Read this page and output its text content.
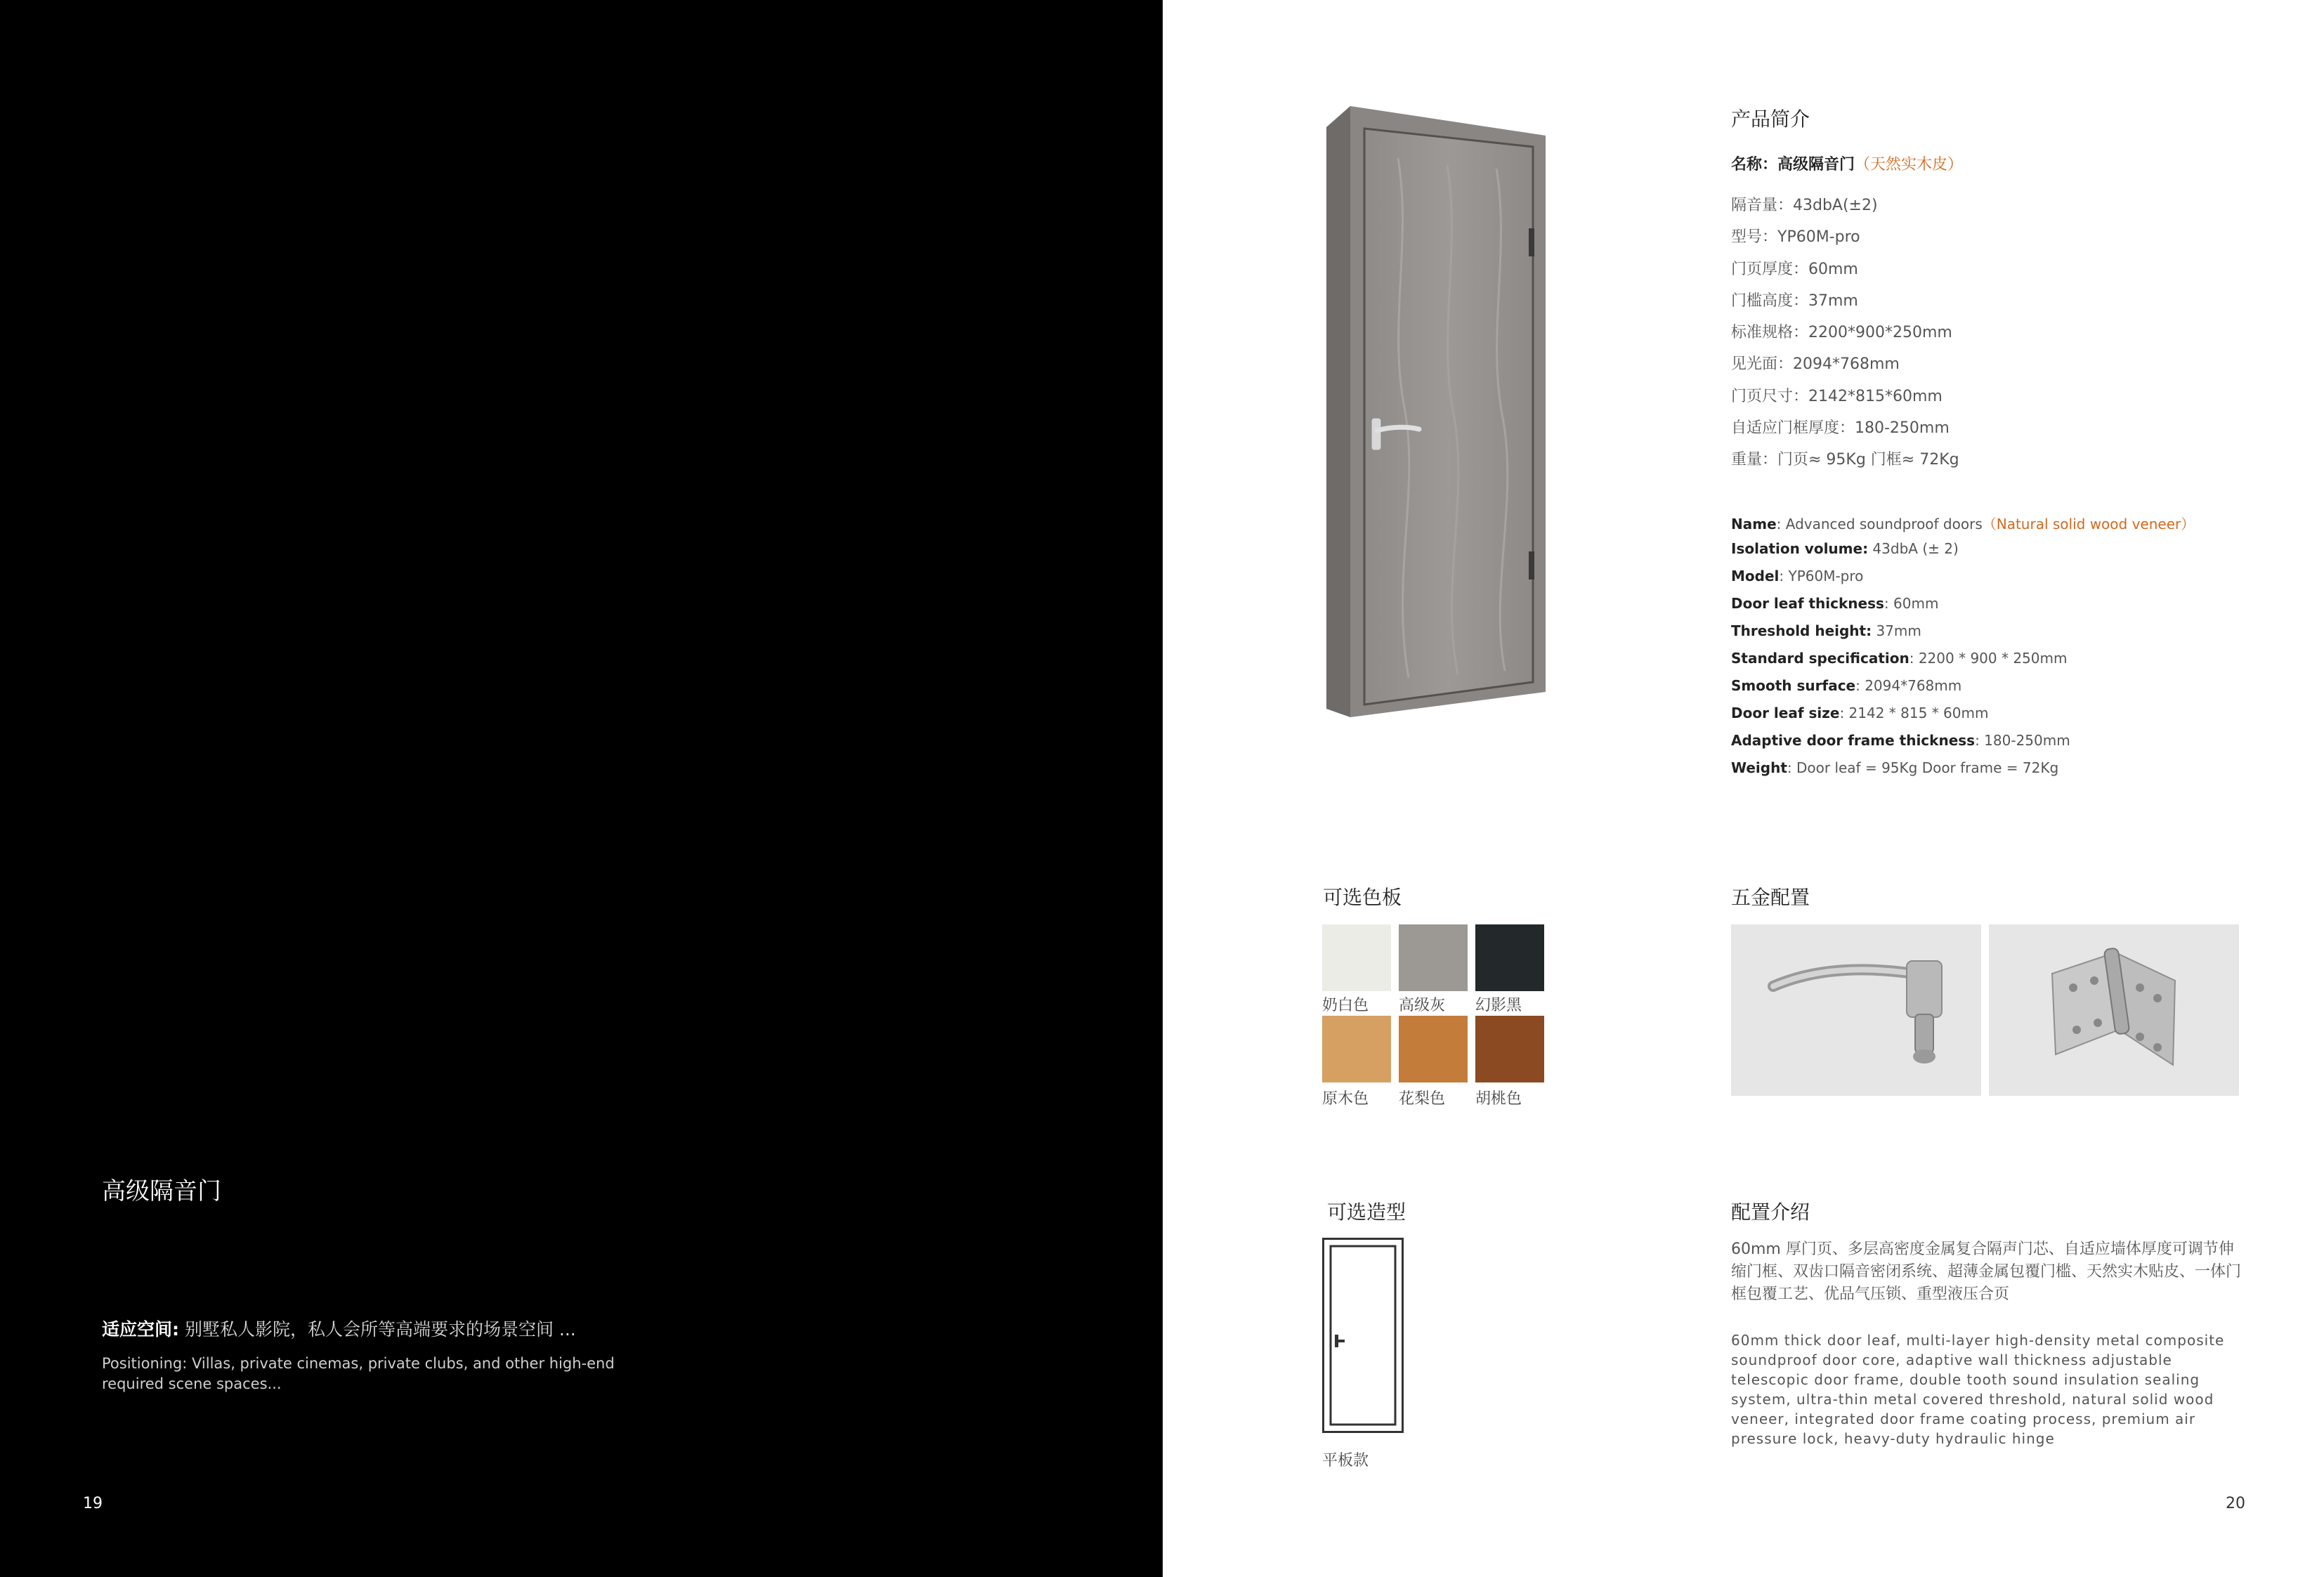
高级隔音门
适应空间: 别墅私人影院，私人会所等高端要求的场景空间 ...
Positioning: Villas, private cinemas, private clubs, and other high-end required scene spaces...
19
产品简介
名称：高级隔音门（天然实木皮）
隔音量：43dbA(±2)
型号：YP60M-pro
门页厚度：60mm
门槛高度：37mm
标准规格：2200*900*250mm
见光面：2094*768mm
门页尺寸：2142*815*60mm
自适应门框厚度：180-250mm
重量：门页≈ 95Kg 门框≈ 72Kg
Name: Advanced soundproof doors（Natural solid wood veneer）
Isolation volume: 43dbA (± 2)
Model: YP60M-pro
Door leaf thickness: 60mm
Threshold height: 37mm
Standard specification: 2200 * 900 * 250mm
Smooth surface: 2094*768mm
Door leaf size: 2142 * 815 * 60mm
Adaptive door frame thickness: 180-250mm
Weight: Door leaf = 95Kg Door frame = 72Kg
可选色板
奶白色 高级灰 幻影黑
原木色 花梨色 胡桃色
五金配置
可选造型
平板款
配置介绍
60mm 厚门页、多层高密度金属复合隔声门芯、自适应墙体厚度可调节伸缩门框、双齿口隔音密闭系统、超薄金属包覆门槛、天然实木贴皮、一体门框包覆工艺、优品气压锁、重型液压合页
60mm thick door leaf, multi-layer high-density metal composite soundproof door core, adaptive wall thickness adjustable telescopic door frame, double tooth sound insulation sealing system, ultra-thin metal covered threshold, natural solid wood veneer, integrated door frame coating process, premium air pressure lock, heavy-duty hydraulic hinge
20
